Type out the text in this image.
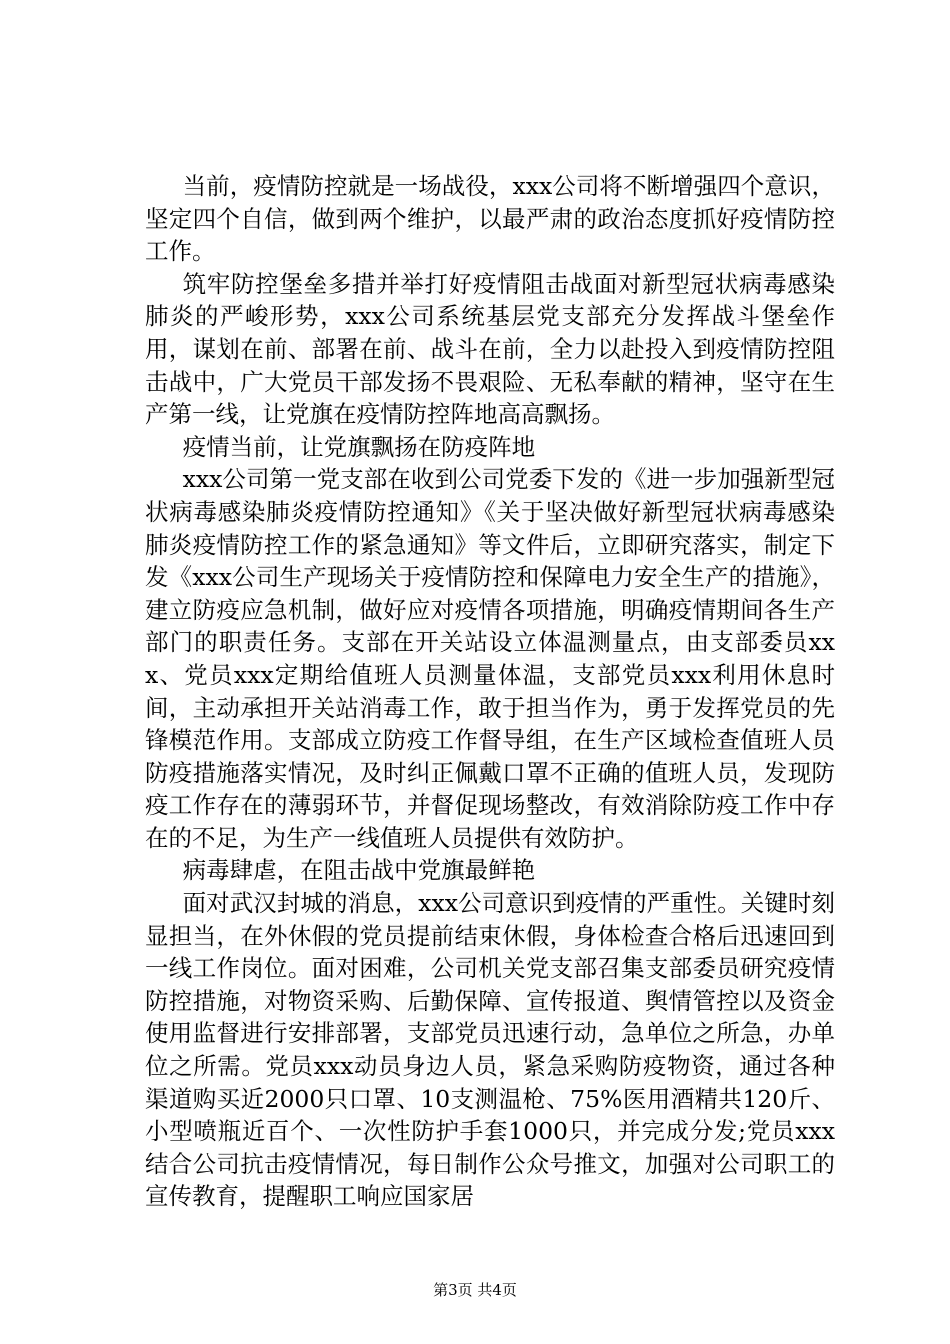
当前，疫情防控就是一场战役，xxx公司将不断增强四个意识，坚定四个自信，做到两个维护，以最严肃的政治态度抓好疫情防控工作。

筑牢防控堡垒多措并举打好疫情阻击战面对新型冠状病毒感染肺炎的严峻形势，xxx公司系统基层党支部充分发挥战斗堡垒作用，谋划在前、部署在前、战斗在前，全力以赴投入到疫情防控阻击战中，广大党员干部发扬不畏艰险、无私奉献的精神，坚守在生产第一线，让党旗在疫情防控阵地高高飘扬。

疫情当前，让党旗飘扬在防疫阵地

xxx公司第一党支部在收到公司党委下发的《进一步加强新型冠状病毒感染肺炎疫情防控通知》《关于坚决做好新型冠状病毒感染肺炎疫情防控工作的紧急通知》等文件后，立即研究落实，制定下发《xxx公司生产现场关于疫情防控和保障电力安全生产的措施》，建立防疫应急机制，做好应对疫情各项措施，明确疫情期间各生产部门的职责任务。支部在开关站设立体温测量点，由支部委员xxx、党员xxx定期给值班人员测量体温，支部党员xxx利用休息时间，主动承担开关站消毒工作，敢于担当作为，勇于发挥党员的先锋模范作用。支部成立防疫工作督导组，在生产区域检查值班人员防疫措施落实情况，及时纠正佩戴口罩不正确的值班人员，发现防疫工作存在的薄弱环节，并督促现场整改，有效消除防疫工作中存在的不足，为生产一线值班人员提供有效防护。

病毒肆虐，在阻击战中党旗最鲜艳

面对武汉封城的消息，xxx公司意识到疫情的严重性。关键时刻显担当，在外休假的党员提前结束休假，身体检查合格后迅速回到一线工作岗位。面对困难，公司机关党支部召集支部委员研究疫情防控措施，对物资采购、后勤保障、宣传报道、舆情管控以及资金使用监督进行安排部署，支部党员迅速行动，急单位之所急，办单位之所需。党员xxx动员身边人员，紧急采购防疫物资，通过各种渠道购买近2000只口罩、10支测温枪、75%医用酒精共120斤、小型喷瓶近百个、一次性防护手套1000只，并完成分发;党员xxx结合公司抗击疫情情况，每日制作公众号推文，加强对公司职工的宣传教育，提醒职工响应国家居

第3页 共4页
